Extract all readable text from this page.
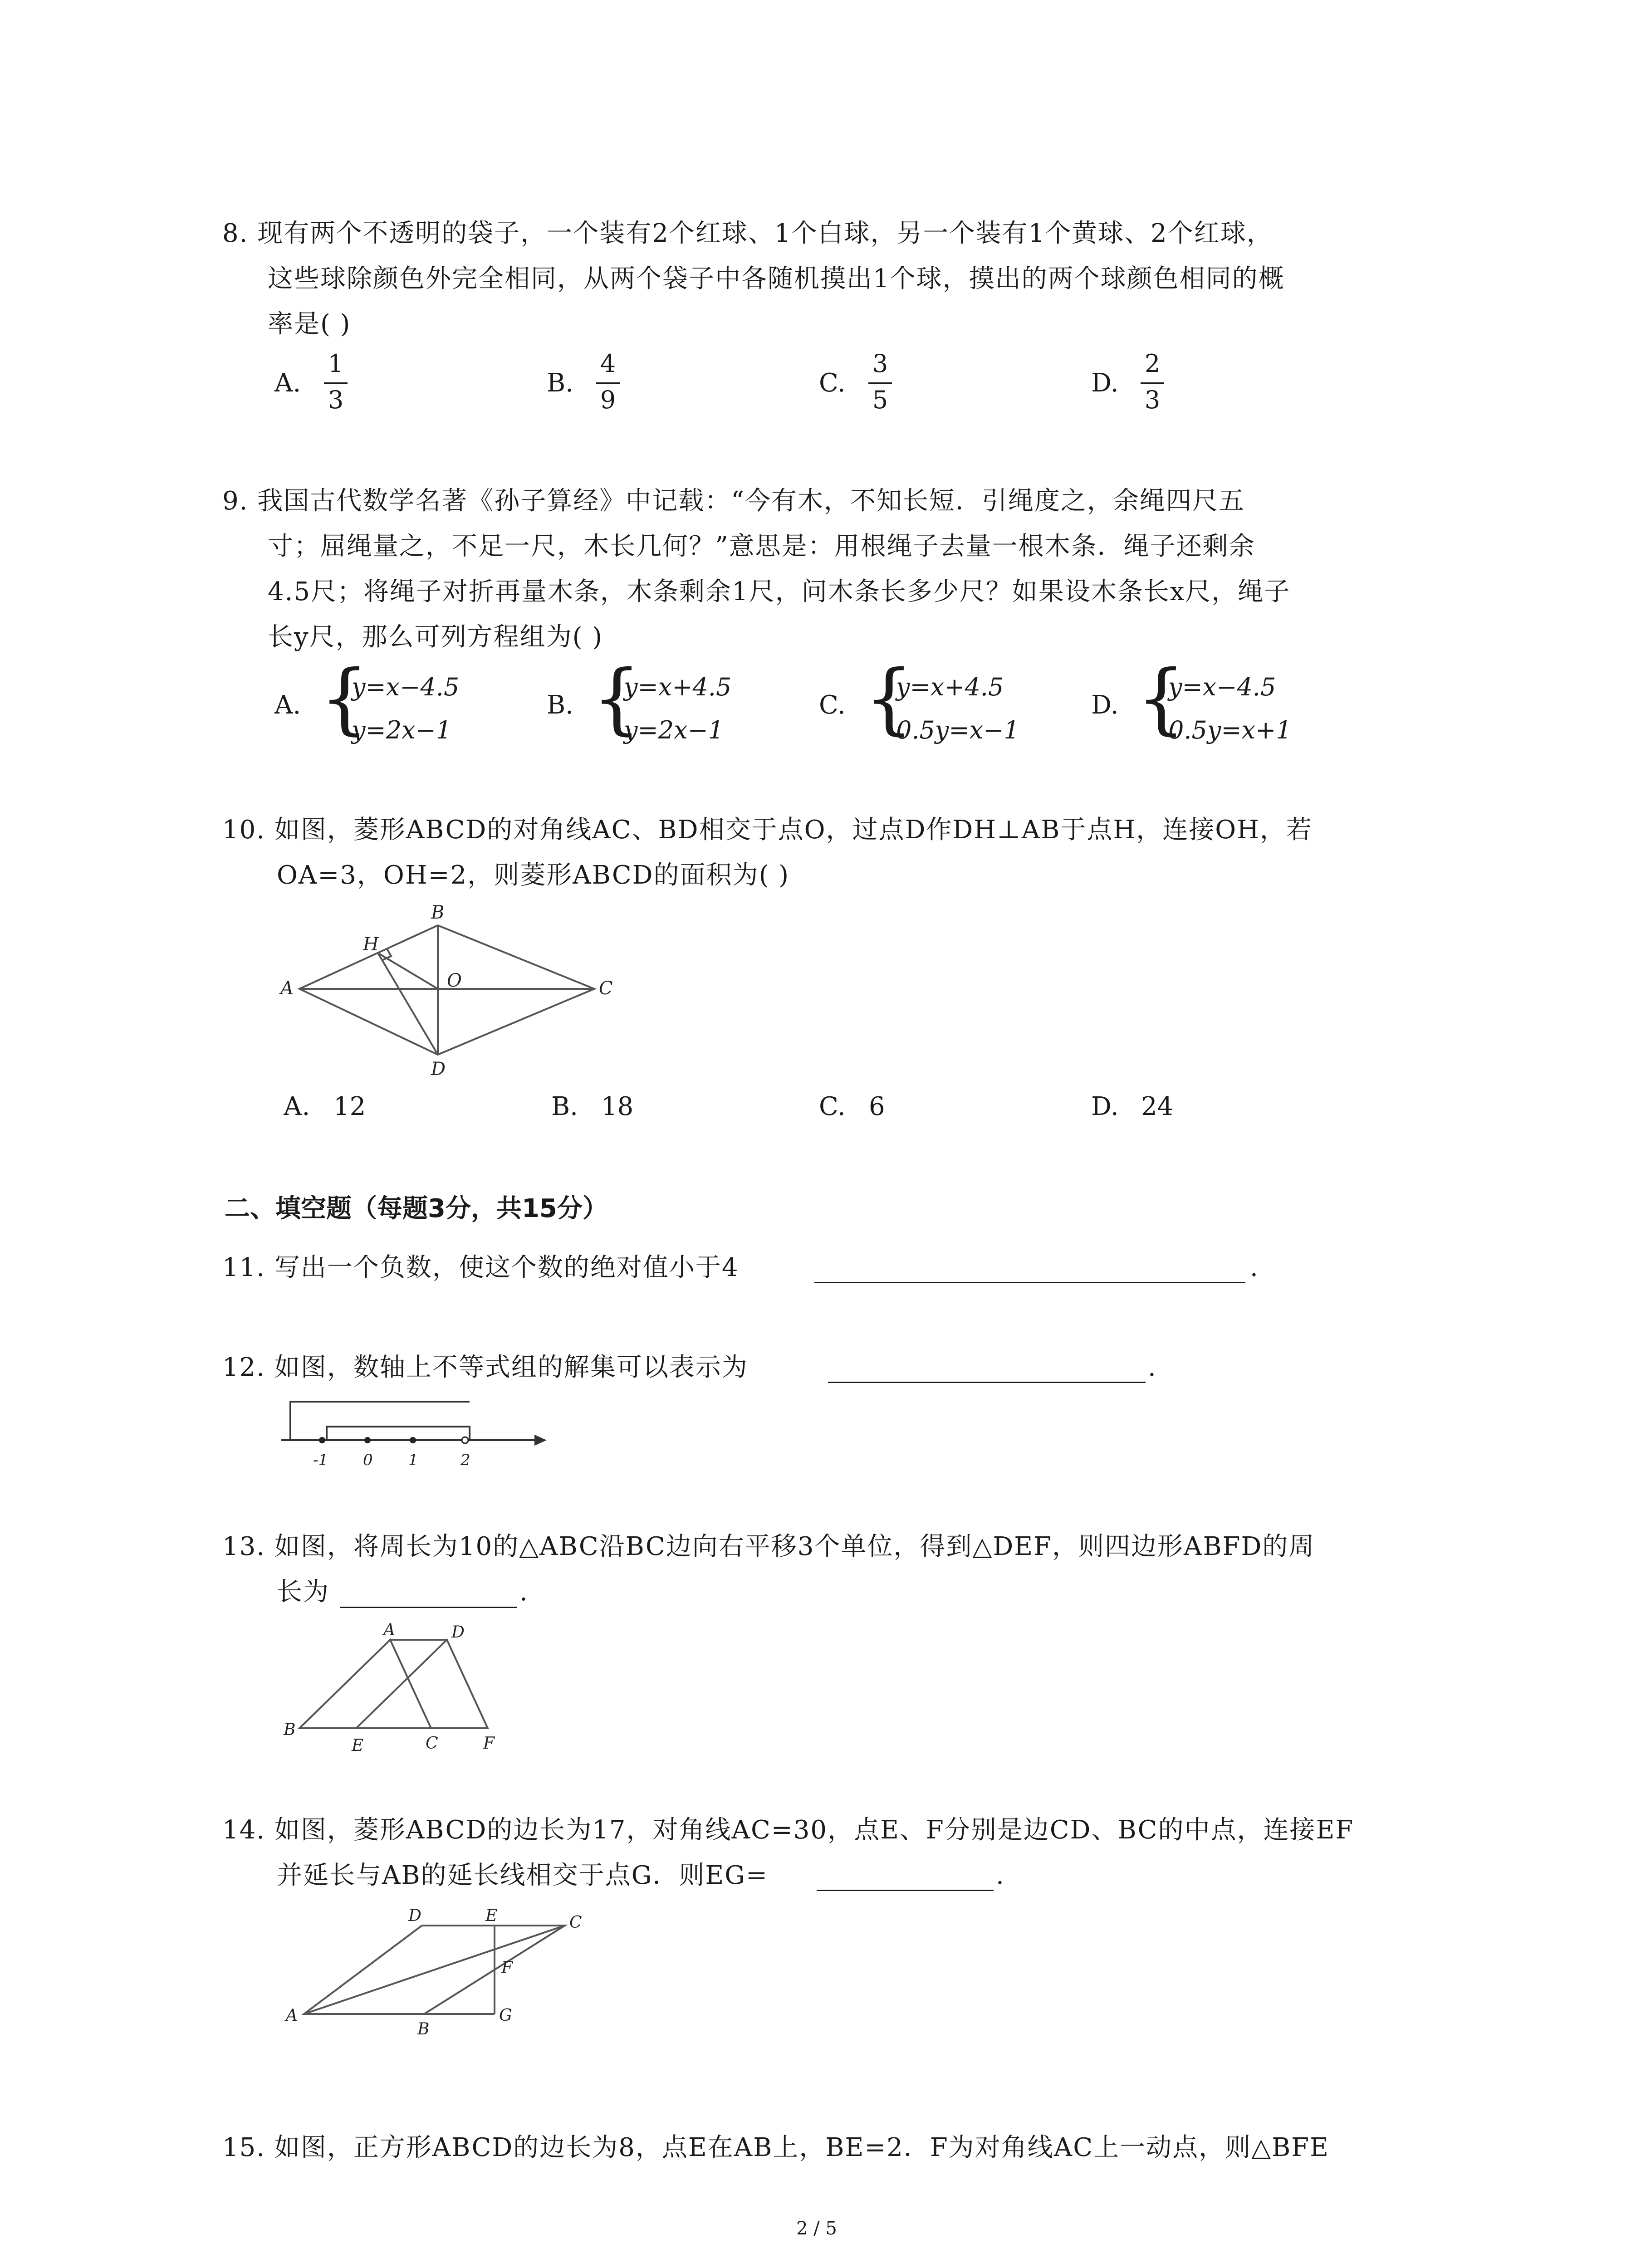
8. 现有两个不透明的袋子，一个装有2个红球、1个白球，另一个装有1个黄球、2个红球，
这些球除颜色外完全相同，从两个袋子中各随机摸出1个球，摸出的两个球颜色相同的概
率是( )
A.
1
3
B.
4
9
C.
3
5
D.
2
3
9. 我国古代数学名著《孙子算经》中记载：“今有木，不知长短．引绳度之，余绳四尺五
寸；屈绳量之，不足一尺，木长几何？”意思是：用根绳子去量一根木条．绳子还剩余
4.5尺；将绳子对折再量木条，木条剩余1尺，问木条长多少尺？如果设木条长x尺，绳子
长y尺，那么可列方程组为( )
A. {
y=x−4.5
y=2x−1
B. {
y=x+4.5
y=2x−1
C. {
y=x+4.5
0.5y=x−1
D. {
y=x−4.5
0.5y=x+1
10. 如图，菱形ABCD的对角线AC、BD相交于点O，过点D作DH⊥AB于点H，连接OH，若
OA=3，OH=2，则菱形ABCD的面积为( )
A
B
C
D
H
O
A. 12	B. 18	C. 6	D. 24
二、填空题（每题3分，共15分）
11. 写出一个负数，使这个数的绝对值小于4	.
12. 如图，数轴上不等式组的解集可以表示为	.
-1 0 1	2
13. 如图，将周长为10的△ABC沿BC边向右平移3个单位，得到△DEF，则四边形ABFD的周
长为	.
A	D
B
E	C	F
14. 如图，菱形ABCD的边长为17，对角线AC=30，点E、F分别是边CD、BC的中点，连接EF
并延长与AB的延长线相交于点G．则EG=	.
A
B
C
D	E
F
G
15. 如图，正方形ABCD的边长为8，点E在AB上，BE=2．F为对角线AC上一动点，则△BFE
2 / 5
